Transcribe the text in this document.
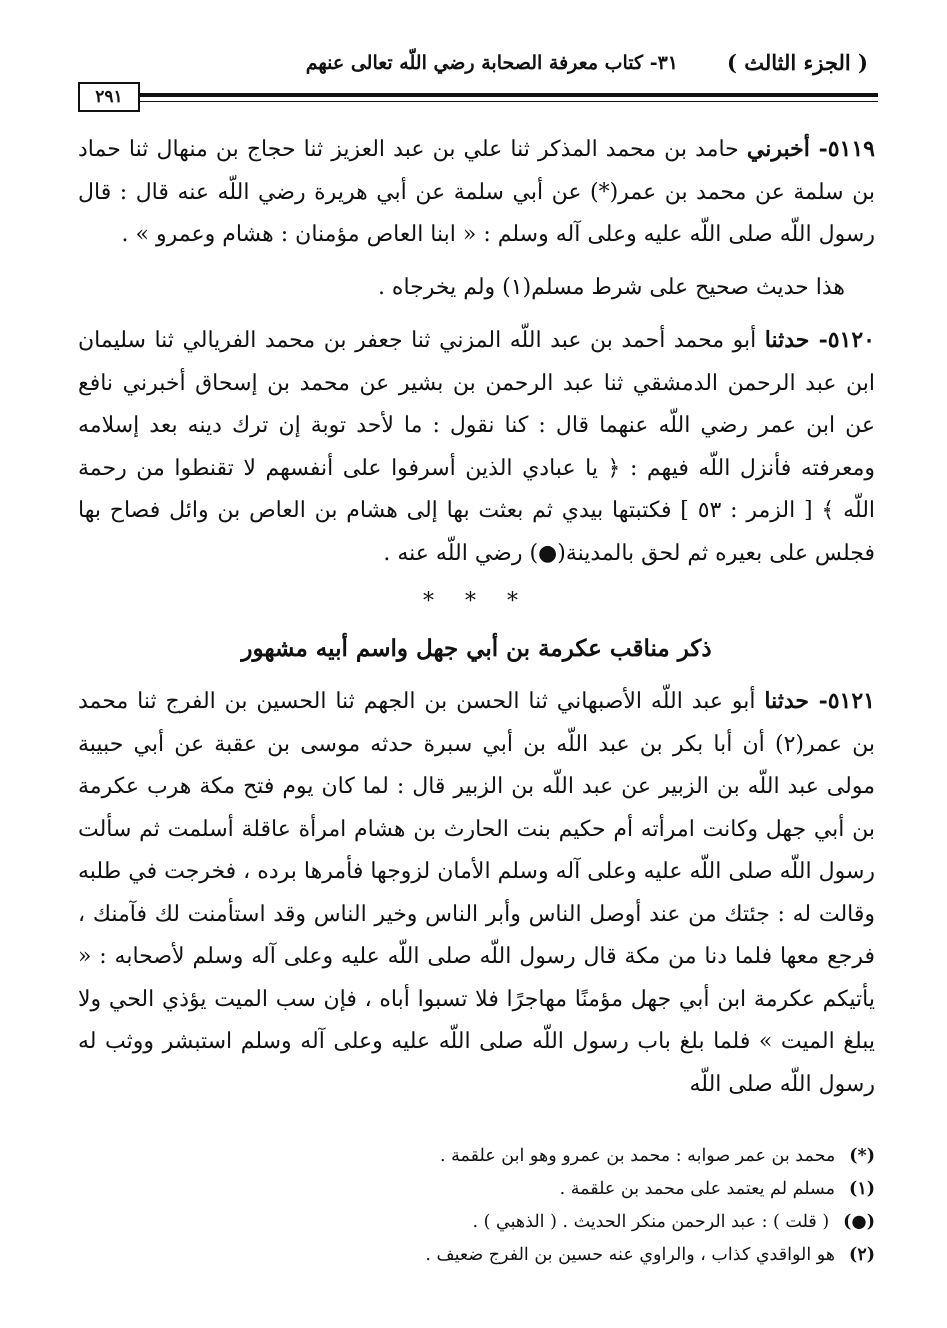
( الجزء الثالث )
٣١- كتاب معرفة الصحابة رضي اللّه تعالى عنهم
٢٩١

٥١١٩- أخبرني حامد بن محمد المذكر ثنا علي بن عبد العزيز ثنا حجاج بن منهال ثنا حماد بن سلمة عن محمد بن عمر(*) عن أبي سلمة عن أبي هريرة رضي اللّه عنه قال : قال رسول اللّه صلى اللّه عليه وعلى آله وسلم : « ابنا العاص مؤمنان : هشام وعمرو » .

هذا حديث صحيح على شرط مسلم(١) ولم يخرجاه .

٥١٢٠- حدثنا أبو محمد أحمد بن عبد اللّه المزني ثنا جعفر بن محمد الفريالي ثنا سليمان ابن عبد الرحمن الدمشقي ثنا عبد الرحمن بن بشير عن محمد بن إسحاق أخبرني نافع عن ابن عمر رضي اللّه عنهما قال : كنا نقول : ما لأحد توبة إن ترك دينه بعد إسلامه ومعرفته فأنزل اللّه فيهم : ﴿ يا عبادي الذين أسرفوا على أنفسهم لا تقنطوا من رحمة اللّه ﴾ [ الزمر : ٥٣ ] فكتبتها بيدي ثم بعثت بها إلى هشام بن العاص بن وائل فصاح بها فجلس على بعيره ثم لحق بالمدينة(●) رضي اللّه عنه .

* * *

ذكر مناقب عكرمة بن أبي جهل واسم أبيه مشهور

٥١٢١- حدثنا أبو عبد اللّه الأصبهاني ثنا الحسن بن الجهم ثنا الحسين بن الفرج ثنا محمد بن عمر(٢) أن أبا بكر بن عبد اللّه بن أبي سبرة حدثه موسى بن عقبة عن أبي حبيبة مولى عبد اللّه بن الزبير عن عبد اللّه بن الزبير قال : لما كان يوم فتح مكة هرب عكرمة بن أبي جهل وكانت امرأته أم حكيم بنت الحارث بن هشام امرأة عاقلة أسلمت ثم سألت رسول اللّه صلى اللّه عليه وعلى آله وسلم الأمان لزوجها فأمرها برده ، فخرجت في طلبه وقالت له : جئتك من عند أوصل الناس وأبر الناس وخير الناس وقد استأمنت لك فآمنك ، فرجع معها فلما دنا من مكة قال رسول اللّه صلى اللّه عليه وعلى آله وسلم لأصحابه : « يأتيكم عكرمة ابن أبي جهل مؤمنًا مهاجرًا فلا تسبوا أباه ، فإن سب الميت يؤذي الحي ولا يبلغ الميت » فلما بلغ باب رسول اللّه صلى اللّه عليه وعلى آله وسلم استبشر ووثب له رسول اللّه صلى اللّه

(*)محمد بن عمر صوابه : محمد بن عمرو وهو ابن علقمة .

(١)مسلم لم يعتمد على محمد بن علقمة .

(●)( قلت ) : عبد الرحمن منكر الحديث . ( الذهبي ) .

(٢)هو الواقدي كذاب ، والراوي عنه حسين بن الفرج ضعيف .
